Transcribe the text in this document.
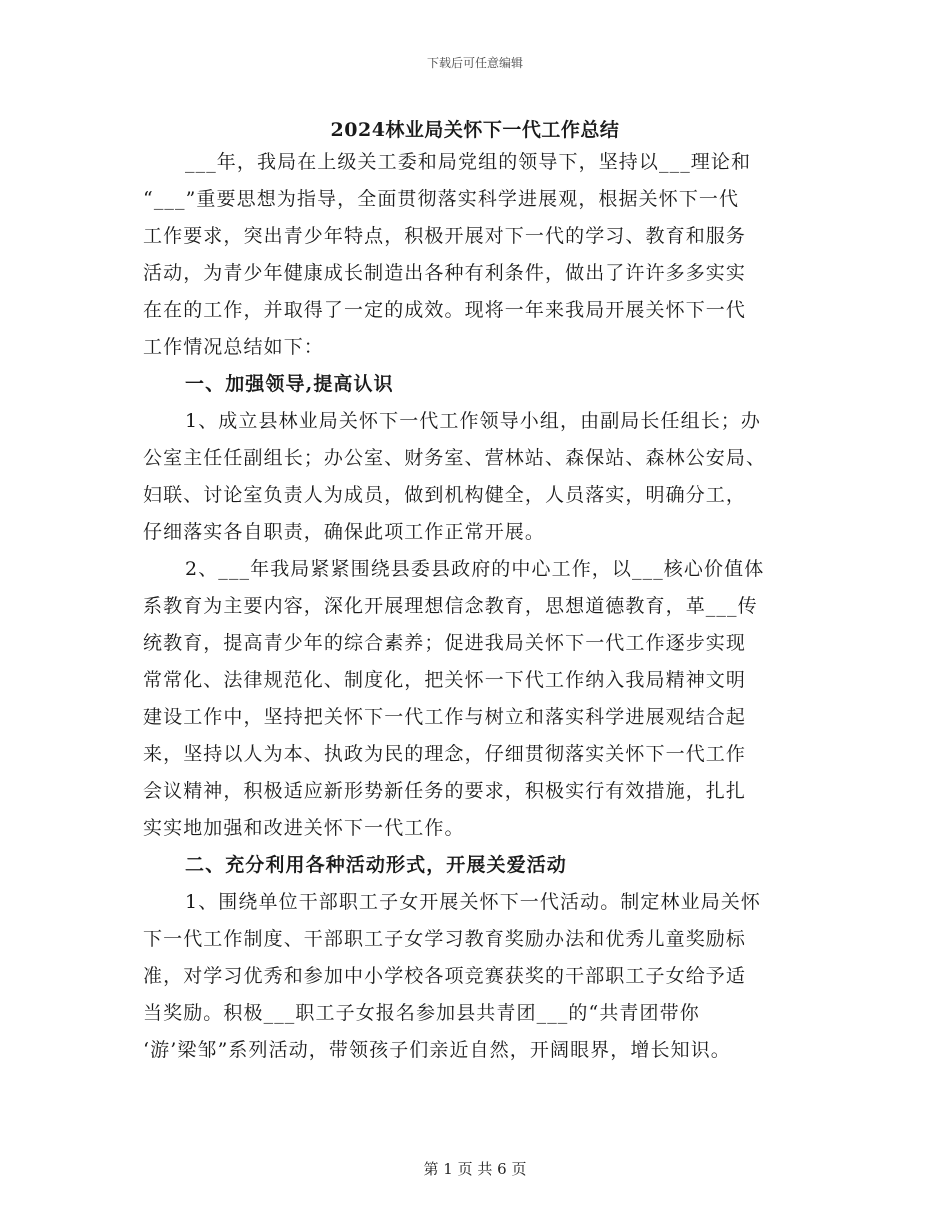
下载后可任意编辑
2024林业局关怀下一代工作总结
___年，我局在上级关工委和局党组的领导下，坚持以___理论和
“___”重要思想为指导，全面贯彻落实科学进展观，根据关怀下一代
工作要求，突出青少年特点，积极开展对下一代的学习、教育和服务
活动，为青少年健康成长制造出各种有利条件，做出了许许多多实实
在在的工作，并取得了一定的成效。现将一年来我局开展关怀下一代
工作情况总结如下：
一、加强领导,提高认识
1、成立县林业局关怀下一代工作领导小组，由副局长任组长；办
公室主任任副组长；办公室、财务室、营林站、森保站、森林公安局、
妇联、讨论室负责人为成员，做到机构健全，人员落实，明确分工，
仔细落实各自职责，确保此项工作正常开展。
2、___年我局紧紧围绕县委县政府的中心工作，以___核心价值体
系教育为主要内容，深化开展理想信念教育，思想道德教育，革___传
统教育，提高青少年的综合素养；促进我局关怀下一代工作逐步实现
常常化、法律规范化、制度化，把关怀一下代工作纳入我局精神文明
建设工作中，坚持把关怀下一代工作与树立和落实科学进展观结合起
来，坚持以人为本、执政为民的理念，仔细贯彻落实关怀下一代工作
会议精神，积极适应新形势新任务的要求，积极实行有效措施，扎扎
实实地加强和改进关怀下一代工作。
二、充分利用各种活动形式，开展关爱活动
1、围绕单位干部职工子女开展关怀下一代活动。制定林业局关怀
下一代工作制度、干部职工子女学习教育奖励办法和优秀儿童奖励标
准，对学习优秀和参加中小学校各项竞赛获奖的干部职工子女给予适
当奖励。积极___职工子女报名参加县共青团___的“共青团带你
‘游’梁邹”系列活动，带领孩子们亲近自然，开阔眼界，增长知识。
第 1 页 共 6 页
